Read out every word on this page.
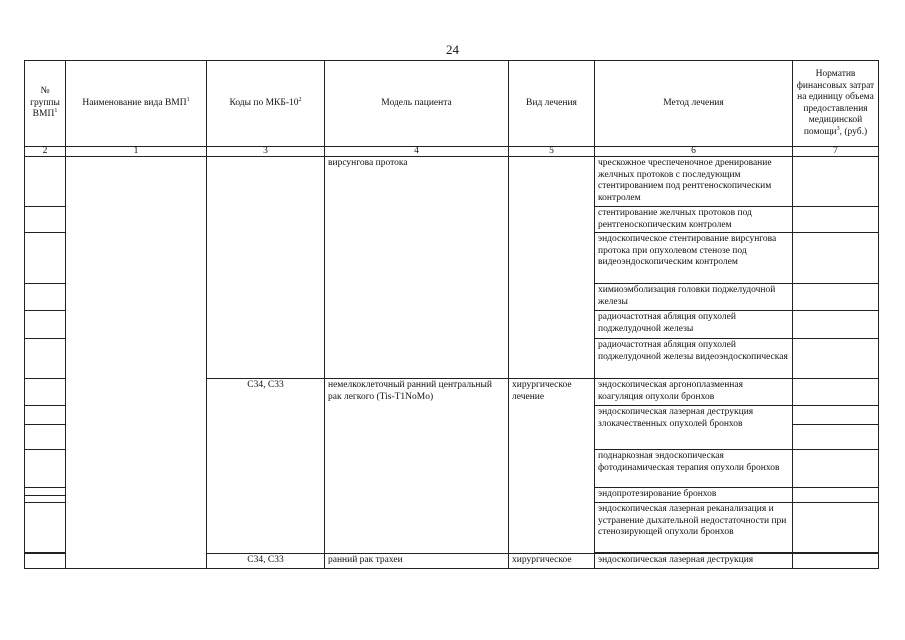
24
№
группы
ВМП$^1$	Наименование вида ВМП$^1$	Коды по МКБ-$10^2$	Модель пациента	Вид лечения	Метод лечения	Норматив финансовых затрат на единицу объема предоставления медицинской помощи$^3$, (руб.)
2	1	3	4	5	6	7
			вирсунгова протока		чрескожное чреспеченочное дренирование желчных протоков с последующим стентированием под рентгеноскопическим контролем	
					стентирование желчных протоков под рентгеноскопическим контролем	
					эндоскопическое стентирование вирсунгова протока при опухолевом стенозе под видеоэндоскопическим контролем	
					химиоэмболизация головки поджелудочной железы	
					радиочастотная абляция опухолей поджелудочной железы	
					радиочастотная абляция опухолей поджелудочной железы видеоэндоскопическая	
		C34, C33	немелкоклеточный ранний центральный рак легкого (Tis-T1NoMo)	хирургическое лечение	эндоскопическая аргоноплазменная коагуляция опухоли бронхов	
					эндоскопическая лазерная деструкция злокачественных опухолей бронхов	

					поднаркозная эндоскопическая фотодинамическая терапия опухоли бронхов	
					эндопротезирование бронхов	

					эндоскопическая лазерная реканализация и устранение дыхательной недостаточности при стенозирующей опухоли бронхов	

		C34, C33	ранний рак трахеи	хирургическое	эндоскопическая лазерная деструкция	
